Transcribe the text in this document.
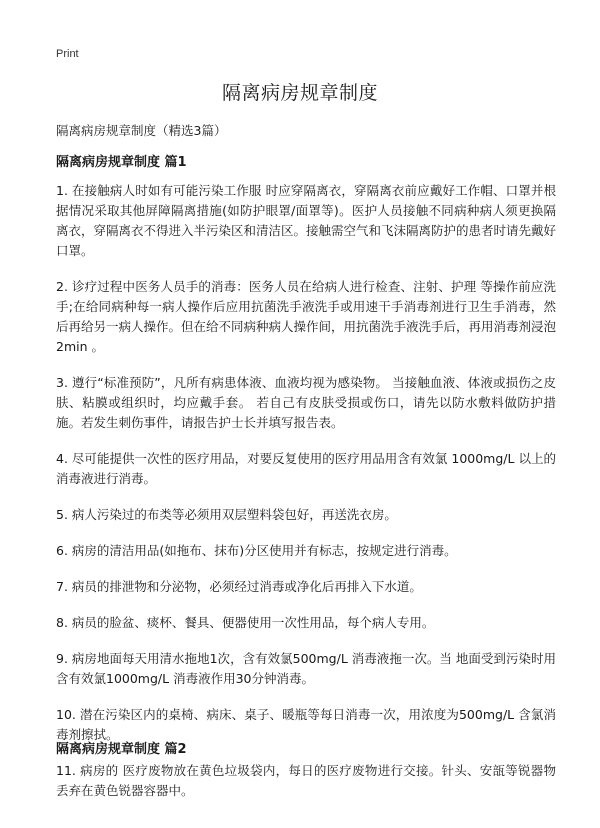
Print
隔离病房规章制度

隔离病房规章制度（精选3篇）

隔离病房规章制度 篇1

1. 在接触病人时如有可能污染工作服 时应穿隔离衣，穿隔离衣前应戴好工作帽、口罩并根据情况采取其他屏障隔离措施(如防护眼罩/面罩等)。医护人员接触不同病种病人须更换隔离衣，穿隔离衣不得进入半污染区和清洁区。接触需空气和飞沫隔离防护的患者时请先戴好口罩。

2. 诊疗过程中医务人员手的消毒：医务人员在给病人进行检查、注射、护理 等操作前应洗手;在给同病种每一病人操作后应用抗菌洗手液洗手或用速干手消毒剂进行卫生手消毒，然后再给另一病人操作。但在给不同病种病人操作间，用抗菌洗手液洗手后，再用消毒剂浸泡2min 。

3. 遵行“标准预防”，凡所有病患体液、血液均视为感染物。 当接触血液、体液或损伤之皮肤、粘膜或组织时，均应戴手套。 若自己有皮肤受损或伤口，请先以防水敷料做防护措施。若发生刺伤事件，请报告护士长并填写报告表。

4. 尽可能提供一次性的医疗用品，对要反复使用的医疗用品用含有效氯 1000mg/L 以上的消毒液进行消毒。

5. 病人污染过的布类等必须用双层塑料袋包好，再送洗衣房。

6. 病房的清洁用品(如拖布、抹布)分区使用并有标志，按规定进行消毒。

7. 病员的排泄物和分泌物，必须经过消毒或净化后再排入下水道。

8. 病员的脸盆、痰杯、餐具、便器使用一次性用品，每个病人专用。

9. 病房地面每天用清水拖地1次，含有效氯500mg/L 消毒液拖一次。当 地面受到污染时用含有效氯1000mg/L 消毒液作用30分钟消毒。

10. 潜在污染区内的桌椅、病床、桌子、暖瓶等每日消毒一次，用浓度为500mg/L 含氯消毒剂擦拭。

11. 病房的 医疗废物放在黄色垃圾袋内，每日的医疗废物进行交接。针头、安瓿等锐器物丢弃在黄色锐器容器中。

隔离病房规章制度 篇2
